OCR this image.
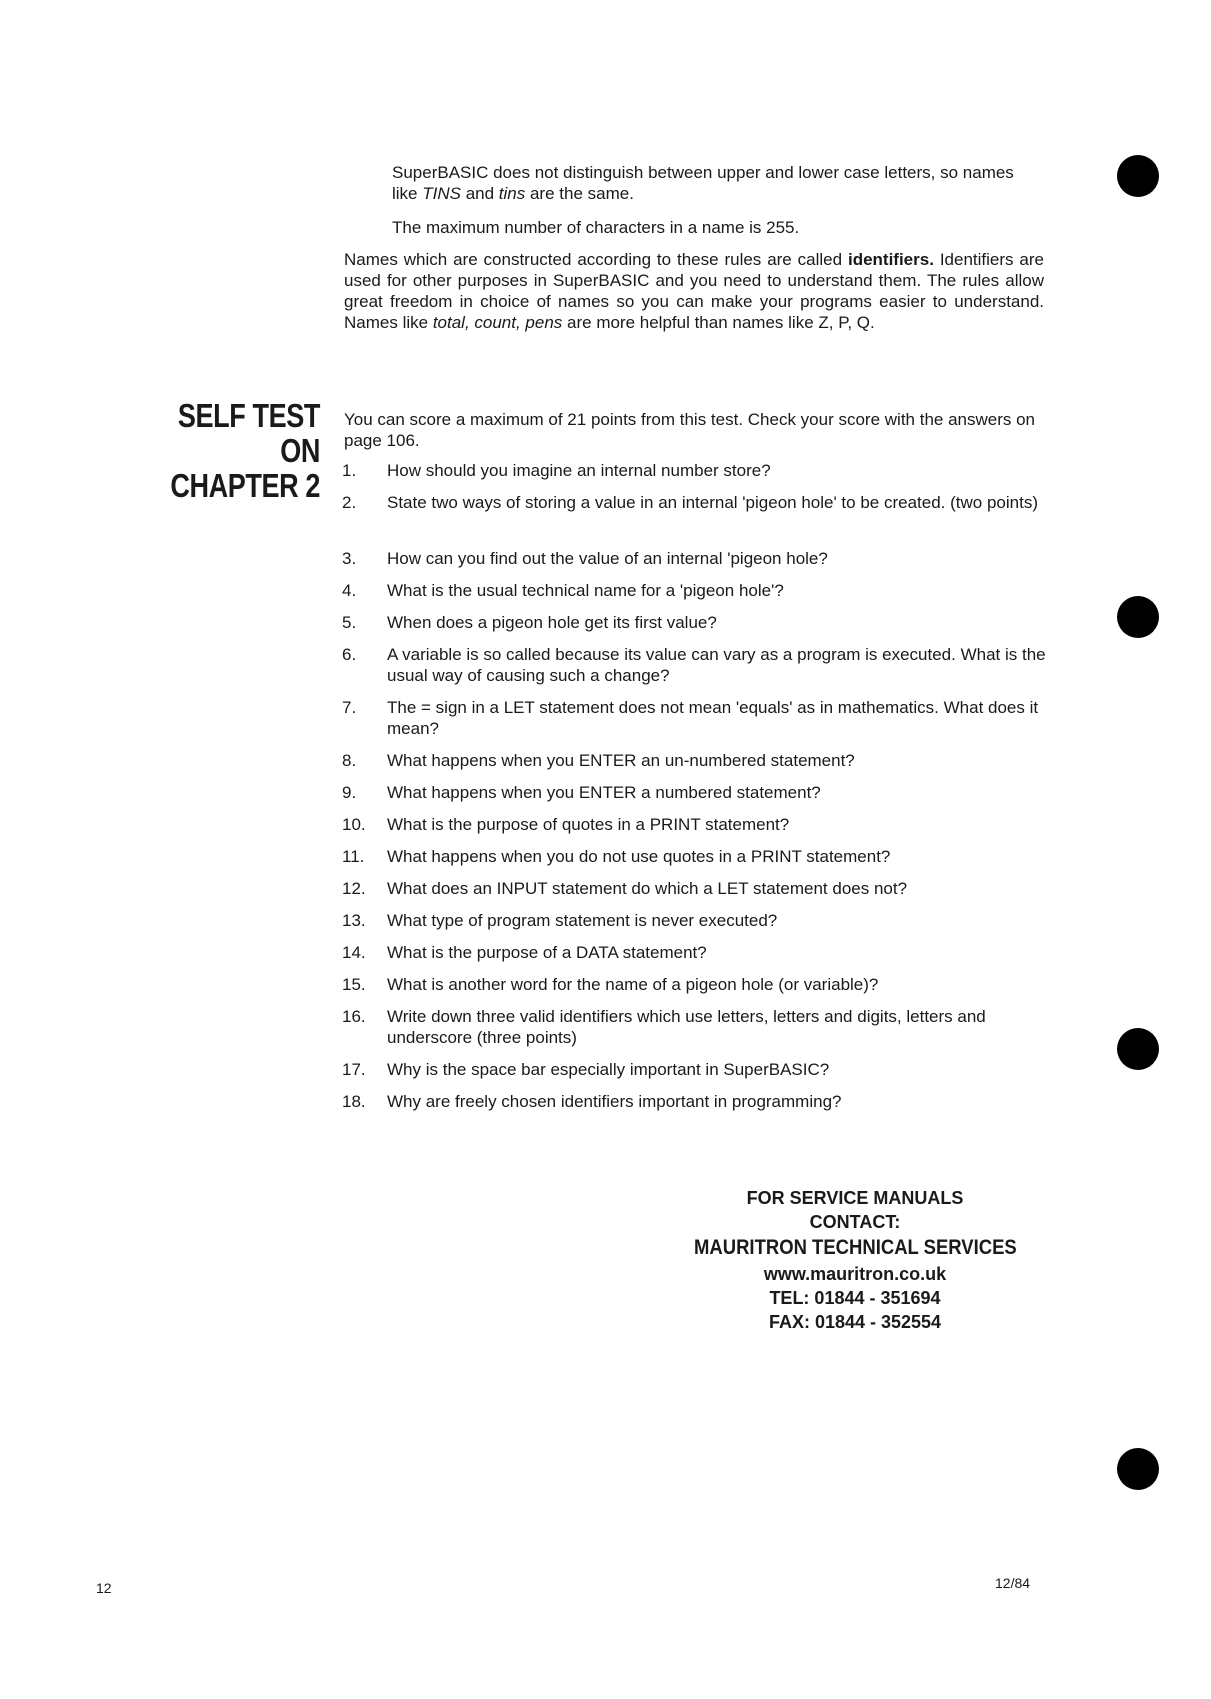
SuperBASIC does not distinguish between upper and lower case letters, so names like TINS and tins are the same.

The maximum number of characters in a name is 255.

Names which are constructed according to these rules are called identifiers. Identifiers are used for other purposes in SuperBASIC and you need to understand them. The rules allow great freedom in choice of names so you can make your programs easier to understand. Names like total, count, pens are more helpful than names like Z, P, Q.

SELF TEST ON
CHAPTER 2

You can score a maximum of 21 points from this test. Check your score with the answers on page 106.

1.	How should you imagine an internal number store?
2.	State two ways of storing a value in an internal 'pigeon hole' to be created. (two points)
3.	How can you find out the value of an internal 'pigeon hole?
4.	What is the usual technical name for a 'pigeon hole'?
5.	When does a pigeon hole get its first value?
6.	A variable is so called because its value can vary as a program is executed. What is the usual way of causing such a change?
7.	The = sign in a LET statement does not mean 'equals' as in mathematics. What does it mean?
8.	What happens when you ENTER an un-numbered statement?
9.	What happens when you ENTER a numbered statement?
10.	What is the purpose of quotes in a PRINT statement?
11.	What happens when you do not use quotes in a PRINT statement?
12.	What does an INPUT statement do which a LET statement does not?
13.	What type of program statement is never executed?
14.	What is the purpose of a DATA statement?
15.	What is another word for the name of a pigeon hole (or variable)?
16.	Write down three valid identifiers which use letters, letters and digits, letters and underscore (three points)
17.	Why is the space bar especially important in SuperBASIC?
18.	Why are freely chosen identifiers important in programming?
FOR SERVICE MANUALS
CONTACT:
MAURITRON TECHNICAL SERVICES
www.mauritron.co.uk
TEL: 01844 - 351694
FAX: 01844 - 352554
12	12/84
